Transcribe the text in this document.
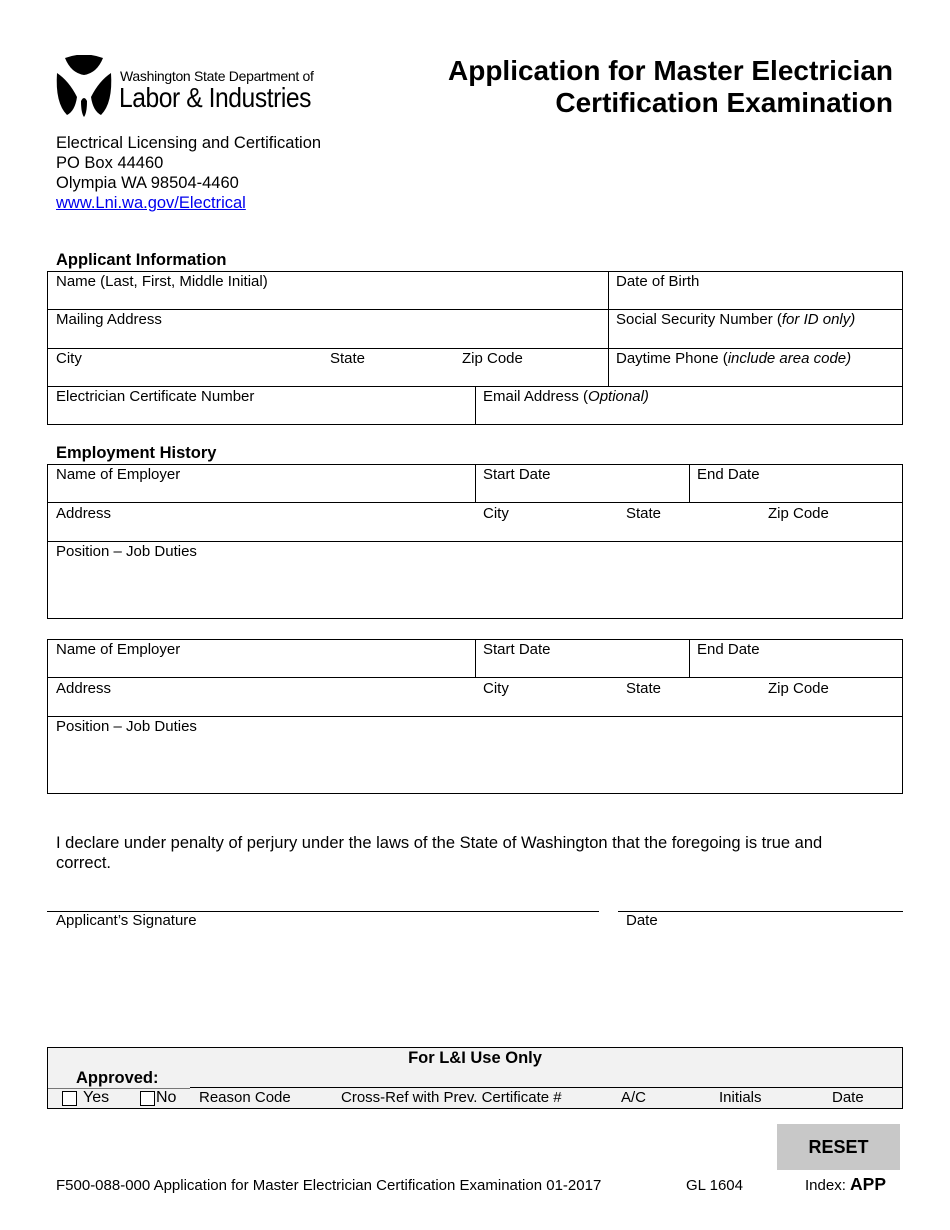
Washington State Department of
Labor & Industries
Application for Master Electrician
Certification Examination
Electrical Licensing and Certification
PO Box 44460
Olympia WA 98504-4460
www.Lni.wa.gov/Electrical
Applicant Information
Name (Last, First, Middle Initial)	Date of Birth
Mailing Address	Social Security Number (for ID only)
City	State	Zip Code	Daytime Phone (include area code)
Electrician Certificate Number	Email Address (Optional)
Employment History
Name of Employer	Start Date	End Date
Address	City	State	Zip Code
Position – Job Duties
Name of Employer	Start Date	End Date
Address	City	State	Zip Code
Position – Job Duties
I declare under penalty of perjury under the laws of the State of Washington that the foregoing is true and correct.
Applicant’s Signature	Date
For L&I Use Only
Approved:
Yes	No Reason Code	Cross-Ref with Prev. Certificate #	A/C	Initials	Date
RESET
F500-088-000 Application for Master Electrician Certification Examination 01-2017	GL 1604	Index: APP
